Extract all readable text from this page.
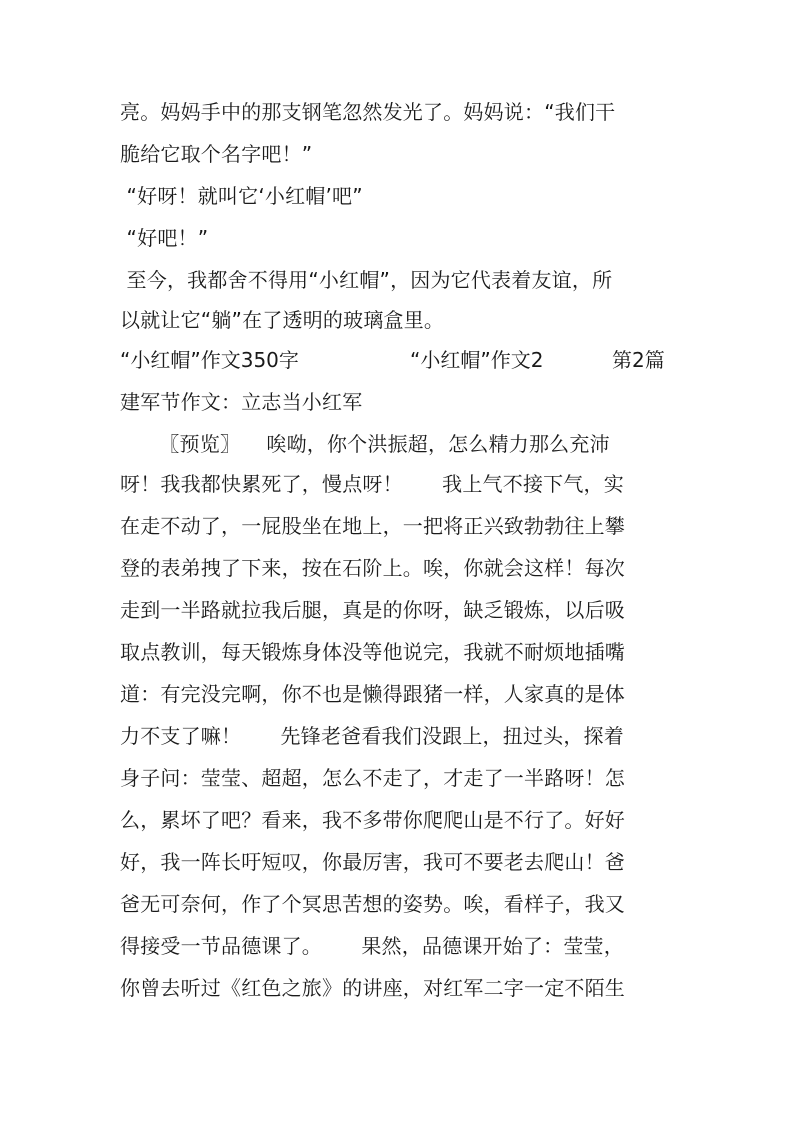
亮。妈妈手中的那支钢笔忽然发光了。妈妈说：“我们干
脆给它取个名字吧！”
“好呀！就叫它‘小红帽’吧”
“好吧！”
至今，我都舍不得用“小红帽”，因为它代表着友谊，所
以就让它“躺”在了透明的玻璃盒里。

“小红帽”作文350字

	“小红帽”作文2

	第2篇

建军节作文：立志当小红军
〖预览〗    唉呦，你个洪振超，怎么精力那么充沛
呀！我我都快累死了，慢点呀！      我上气不接下气，实
在走不动了，一屁股坐在地上，一把将正兴致勃勃往上攀
登的表弟拽了下来，按在石阶上。唉，你就会这样！每次
走到一半路就拉我后腿，真是的你呀，缺乏锻炼，以后吸
取点教训，每天锻炼身体没等他说完，我就不耐烦地插嘴
道：有完没完啊，你不也是懒得跟猪一样，人家真的是体
力不支了嘛！      先锋老爸看我们没跟上，扭过头，探着
身子问：莹莹、超超，怎么不走了，才走了一半路呀！怎
么，累坏了吧？看来，我不多带你爬爬山是不行了。好好
好，我一阵长吁短叹，你最厉害，我可不要老去爬山！爸
爸无可奈何，作了个冥思苦想的姿势。唉，看样子，我又
得接受一节品德课了。      果然，品德课开始了：莹莹，
你曾去听过《红色之旅》的讲座，对红军二字一定不陌生
